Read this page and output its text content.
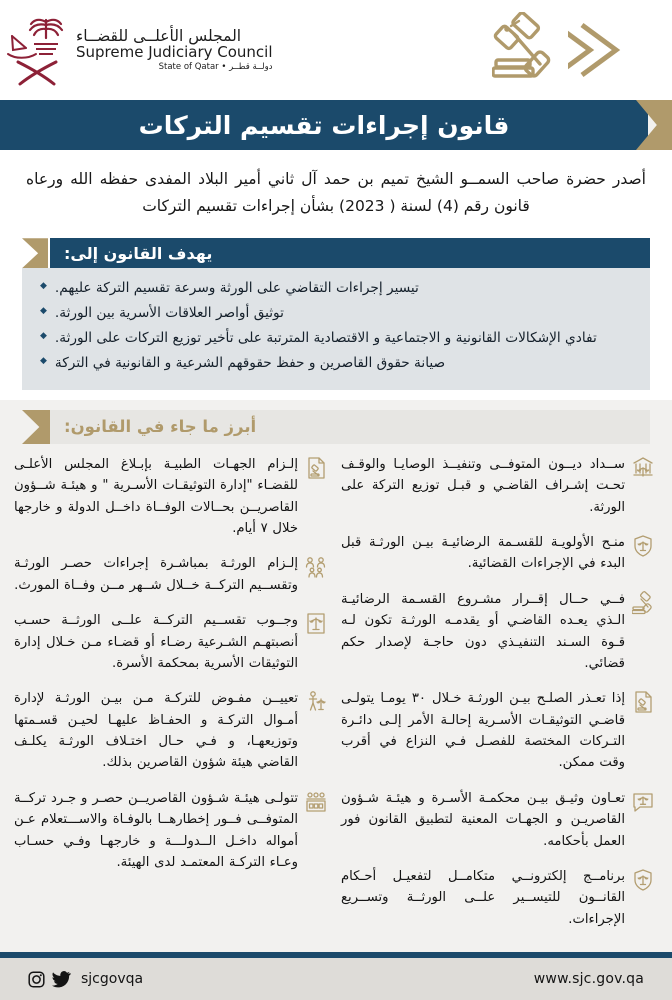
المجلس الأعلــى للقضــاء
Supreme Judiciary Council
State of Qatar • دولــة قطــر
قانون إجراءات تقسيم التركات
أصدر حضرة صاحب السمــو الشيخ تميم بن حمد آل ثاني أمير البلاد المفدى حفظه الله ورعاه قانون رقم (4) لسنة ( 2023) بشأن إجراءات تقسيم التركات
يهدف القانون إلى:
◆ تيسير إجراءات التقاضي على الورثة وسرعة تقسيم التركة عليهم.
◆ توثيق أواصر العلاقات الأسرية بين الورثة.
◆ تفادي الإشكالات القانونية و الاجتماعية و الاقتصادية المترتبة على تأخير توزيع التركات على الورثة.
◆ صيانة حقوق القاصرين و حفظ حقوقهم الشرعية و القانونية في التركة
أبرز ما جاء في القانون:
ســداد ديــون المتوفــى وتنفيــذ الوصايـا والوقـف تحـت إشـراف القاضـي و قبـل توزيع التركة على الورثة.
منـح الأولويـة للقسـمة الرضائيـة بيـن الورثـة قبل البدء في الإجراءات القضائية.
فــي حــال إقــرار مشـروع القسـمة الرضائيـة الـذي يعـده القاضـي أو يقدمـه الورثـة تكون لـه قـوة السـند التنفيـذي دون حاجـة لإصدار حكم قضائي.
إذا تعـذر الصلـح بيـن الورثـة خـلال ٣٠ يومـا يتولـى قاضـي التوثيقـات الأسـرية إحالـة الأمر إلـى دائـرة التـركات المختصة للفصـل فـي النزاع في أقرب وقت ممكن.
تعـاون وثيـق بيـن محكمـة الأسـرة و هيئـة شـؤون القاصريـن و الجهـات المعنية لتطبيق القانون فور العمل بأحكامه.
برنامــج إلكترونــي متكامــل لتفعيـل أحـكام القانــون للتيســير علــى الورثــة وتســريع الإجراءات.
إلـزام الجهـات الطبيـة بإبـلاغ المجلس الأعلـى للقضـاء "إدارة التوثيقـات الأسـرية " و هيئـة شــؤون القاصريــن بحــالات الوفــاة داخــل الدولة و خارجها خلال ٧ أيام.
إلـزام الورثـة بمباشـرة إجراءات حصـر الورثـة وتقســيم التركــة خــلال شــهر مــن وفــاة المورث.
وجــوب تقســيم التركــة علــى الورثــة حسـب أنصبتهـم الشـرعية رضـاء أو قضـاء مـن خـلال إدارة التوثيقات الأسرية بمحكمة الأسرة.
تعييــن مفـوض للتركـة مـن بيـن الورثـة لإدارة أمـوال التركـة و الحفـاظ عليهـا لحيـن قسـمتها وتوزيعهـا، و فـي حـال اختـلاف الورثـة يكلـف القاضي هيئة شؤون القاصرين بذلك.
تتولـى هيئـة شـؤون القاصريــن حصـر و جـرد تركــة المتوفــى فــور إخطارهــا بالوفـاة والاســـتعلام عـن أمواله داخـل الــدولـــة و خارجهـا وفـي حسـاب وعـاء التركـة المعتمـد لدى الهيئة.
sjcgovqa	www.sjc.gov.qa
